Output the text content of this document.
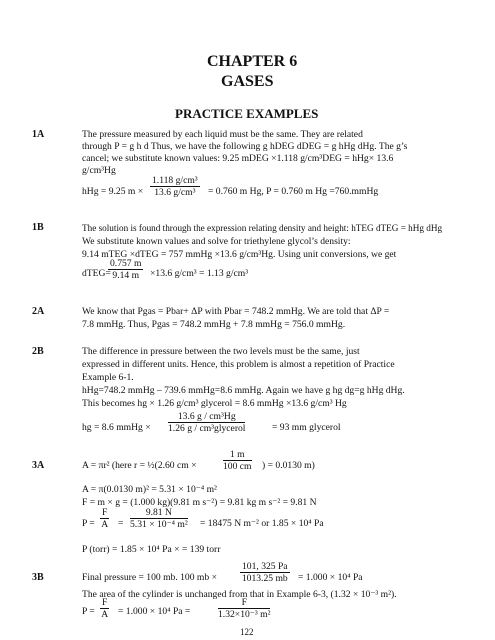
CHAPTER 6
GASES
PRACTICE EXAMPLES
1A	The pressure measured by each liquid must be the same. They are related
through P = g h d Thus, we have the following g hDEG dDEG = g hHg dHg. The g’s
cancel; we substitute known values: 9.25 mDEG ×1.118 g/cm³DEG = hHg× 13.6
g/cm³Hg
hHg = 9.25 $m \times \frac{\text{1.118 g/cm³}}{\text{13.6 g/cm³}} = 0.760$ m Hg, P = 0.760 m Hg =760.mmHg
1B	The solution is found through the expression relating density and height: hTEG dTEG = hHg dHg
We substitute known values and solve for triethylene glycol’s density:
9.14 mTEG ×dTEG = 757 mmHg ×13.6 g/cm³Hg. Using unit conversions, we get
dTEG=
$\frac{0.757 m}{9.14 m} \times 13.6$ g/cm³ = 1.13 g/cm³
2A	We know that Pgas = Pbar+ ΔP with Pbar = 748.2 mmHg. We are told that ΔP =
7.8 mmHg. Thus, Pgas = 748.2 mmHg + 7.8 mmHg = 756.0 mmHg.
2B	The difference in pressure between the two levels must be the same, just
expressed in different units. Hence, this problem is almost a repetition of Practice
Example 6-1.
hHg=748.2 mmHg – 739.6 mmHg=8.6 mmHg. Again we have g hg dg=g hHg dHg.
This becomes hg × 1.26 g/cm³ glycerol = 8.6 mmHg ×13.6 g/cm³ Hg
hg = 8.6 mmHg ×
13.6 g / cm³Hg
1.26 g / cm³glycerol	= 93 mm glycerol
3A	A = πr² (here r = ½(2.60 cm ×	$\frac{1 m}{100 cm}$ ) = 0.0130 m)
A = π(0.0130 m)² = 5.31 × 10⁻⁴ m²
F = m × g = (1.000 kg)(9.81 m s⁻²) = 9.81 kg m s⁻² = 9.81 N
$P = \frac{F}{A} = \frac{9.81 N}{\text{5.31 × 10⁻⁴ m²}} = 18475$ N m⁻² or 1.85 × 10⁴ Pa
P (torr) = 1.85 × 10⁴ Pa × = 139 torr
3B	Final pressure = 100 mb. 100 mb × $\frac{101, 325 Pa}{1013.25 mb} = 1.000 \times 10^4$ Pa
The area of the cylinder is unchanged from that in Example 6-3, (1.32 × 10⁻³ m²).
$P = \frac{F}{A} = 1.000 \times 10^4$ Pa =	$\frac{F}{\text{1.32×10⁻³ m²}}$
122
